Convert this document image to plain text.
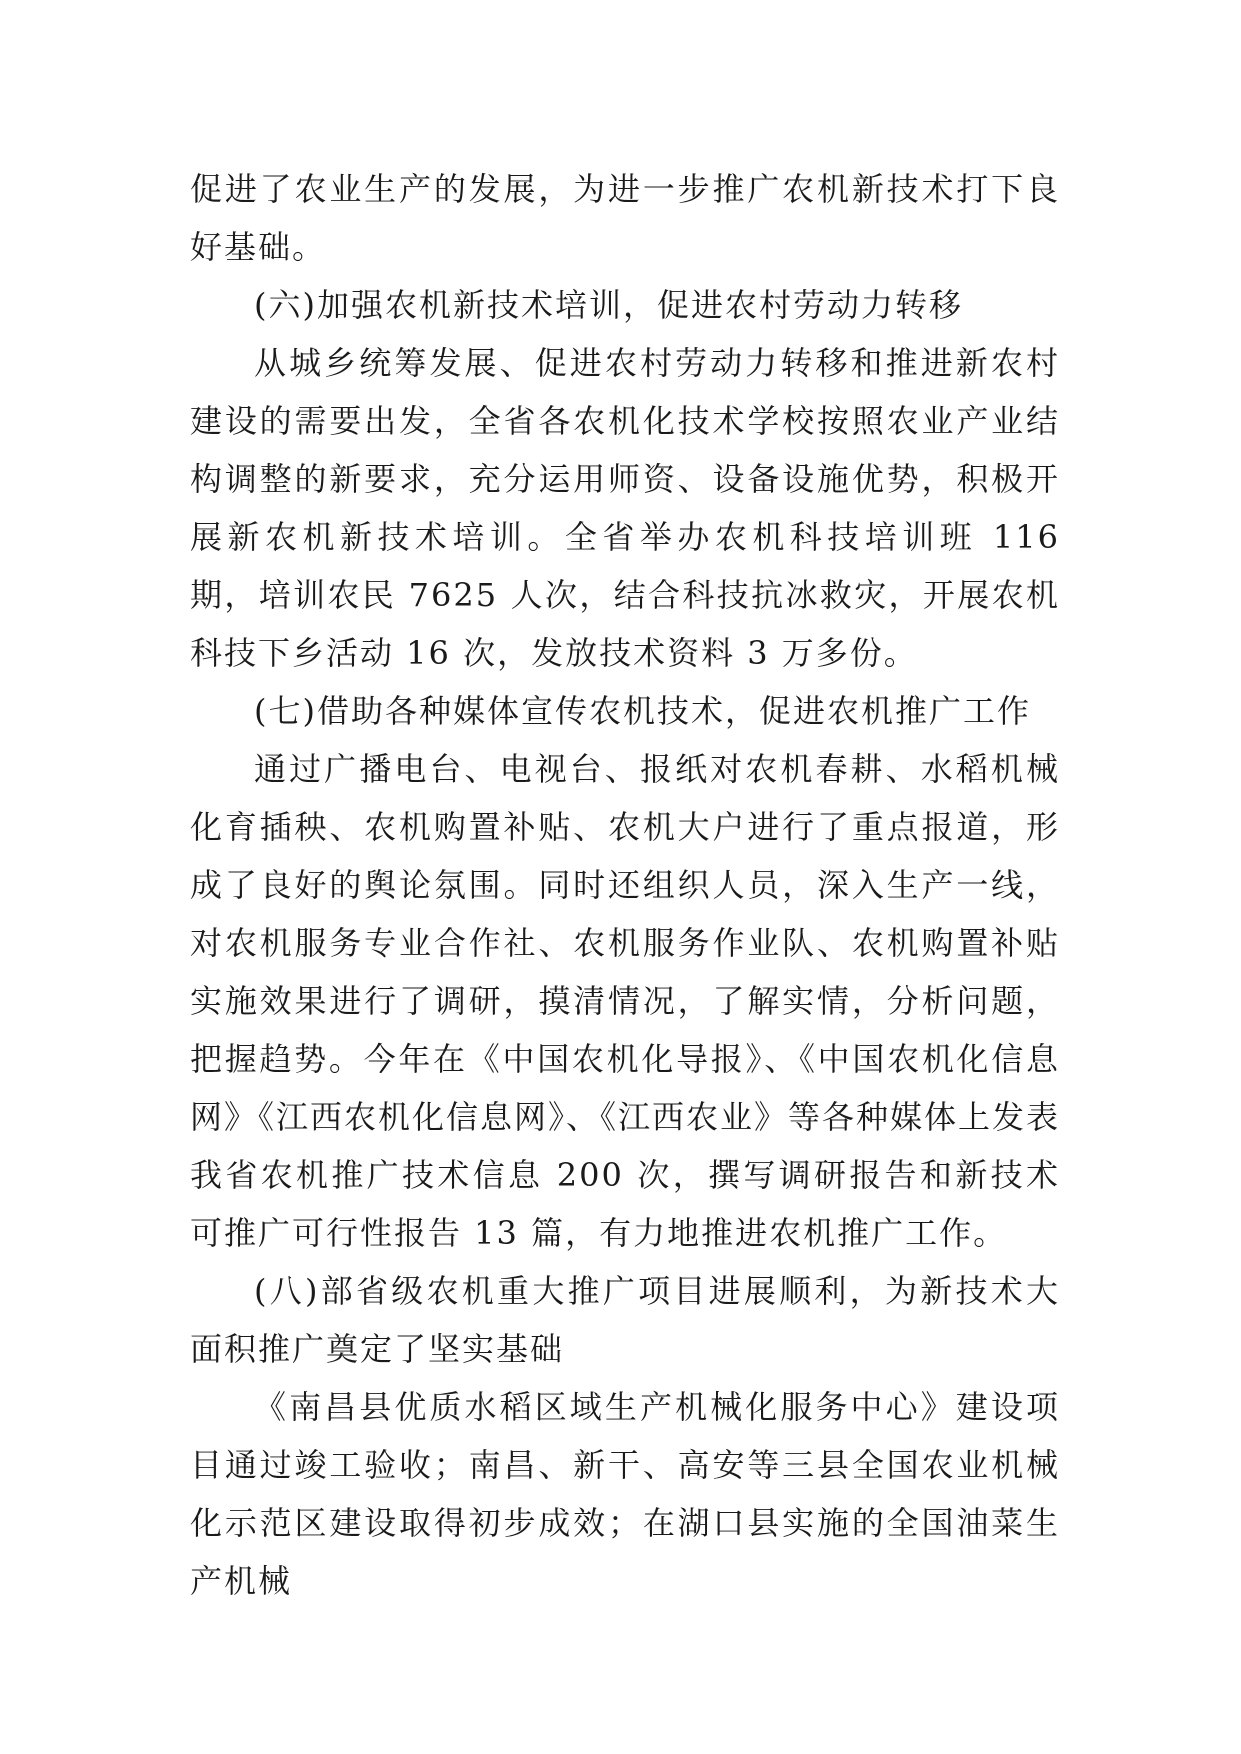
促进了农业生产的发展，为进一步推广农机新技术打下良好基础。

(六)加强农机新技术培训，促进农村劳动力转移

从城乡统筹发展、促进农村劳动力转移和推进新农村建设的需要出发，全省各农机化技术学校按照农业产业结构调整的新要求，充分运用师资、设备设施优势，积极开展新农机新技术培训。全省举办农机科技培训班 116 期，培训农民 7625 人次，结合科技抗冰救灾，开展农机科技下乡活动 16 次，发放技术资料 3 万多份。

(七)借助各种媒体宣传农机技术，促进农机推广工作

通过广播电台、电视台、报纸对农机春耕、水稻机械化育插秧、农机购置补贴、农机大户进行了重点报道，形成了良好的舆论氛围。同时还组织人员，深入生产一线，对农机服务专业合作社、农机服务作业队、农机购置补贴实施效果进行了调研，摸清情况，了解实情，分析问题，把握趋势。今年在《中国农机化导报》、《中国农机化信息网》《江西农机化信息网》、《江西农业》等各种媒体上发表我省农机推广技术信息 200 次，撰写调研报告和新技术可推广可行性报告 13 篇，有力地推进农机推广工作。

(八)部省级农机重大推广项目进展顺利，为新技术大面积推广奠定了坚实基础

《南昌县优质水稻区域生产机械化服务中心》建设项目通过竣工验收；南昌、新干、高安等三县全国农业机械化示范区建设取得初步成效；在湖口县实施的全国油菜生产机械
